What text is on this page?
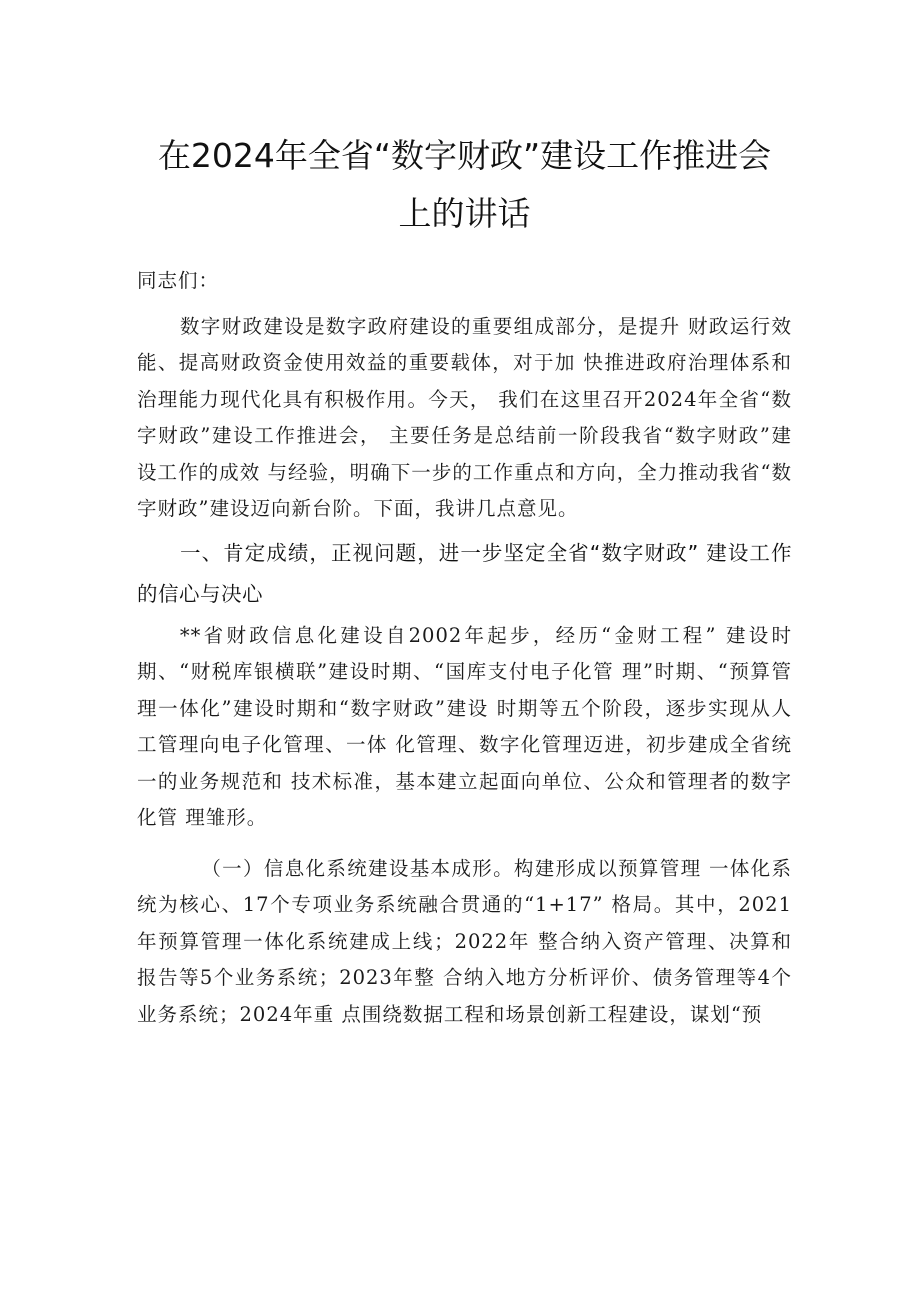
在2024年全省“数字财政”建设工作推进会
上的讲话

同志们：

数字财政建设是数字政府建设的重要组成部分，是提升 财政运行效能、提高财政资金使用效益的重要载体，对于加 快推进政府治理体系和治理能力现代化具有积极作用。今天， 我们在这里召开2024年全省“数字财政”建设工作推进会， 主要任务是总结前一阶段我省“数字财政”建设工作的成效 与经验，明确下一步的工作重点和方向，全力推动我省“数 字财政”建设迈向新台阶。下面，我讲几点意见。

一、肯定成绩，正视问题，进一步坚定全省“数字财政” 建设工作的信心与决心

**省财政信息化建设自2002年起步，经历“金财工程” 建设时期、“财税库银横联”建设时期、“国库支付电子化管 理”时期、“预算管理一体化”建设时期和“数字财政”建设 时期等五个阶段，逐步实现从人工管理向电子化管理、一体 化管理、数字化管理迈进，初步建成全省统一的业务规范和 技术标准，基本建立起面向单位、公众和管理者的数字化管 理雏形。

（一）信息化系统建设基本成形。构建形成以预算管理 一体化系统为核心、17个专项业务系统融合贯通的“1+17” 格局。其中，2021年预算管理一体化系统建成上线；2022年 整合纳入资产管理、决算和报告等5个业务系统；2023年整 合纳入地方分析评价、债务管理等4个业务系统；2024年重 点围绕数据工程和场景创新工程建设，谋划“预
